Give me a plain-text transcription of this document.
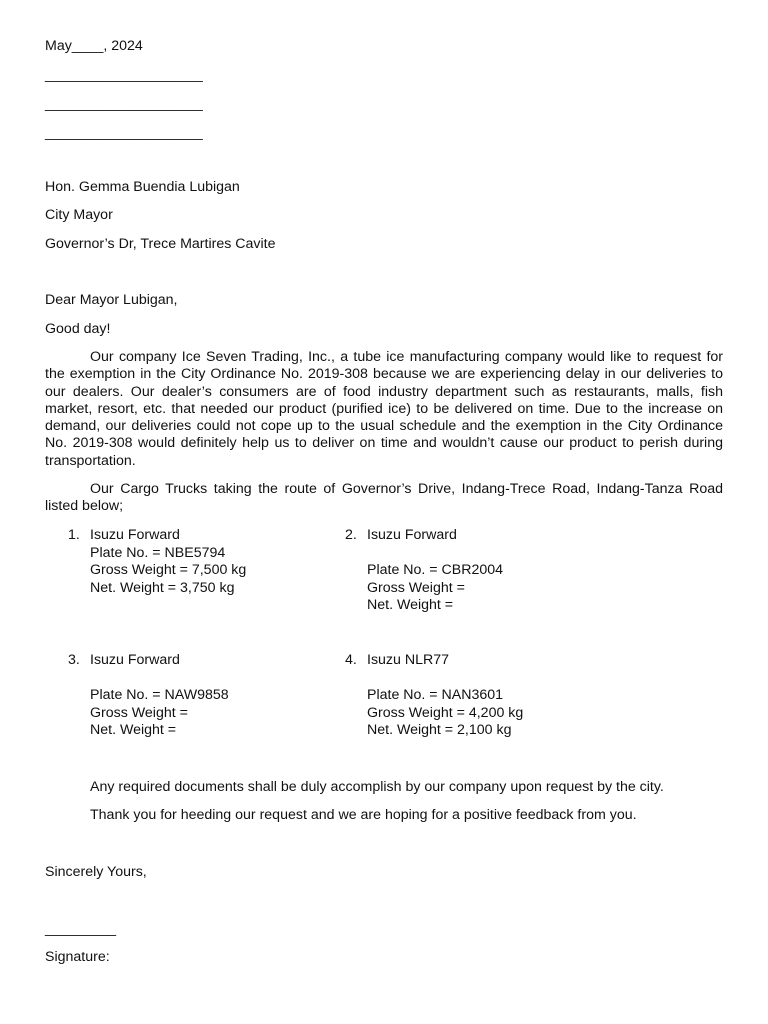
May____, 2024
____________________
____________________
____________________
Hon. Gemma Buendia Lubigan
City Mayor
Governor’s Dr, Trece Martires Cavite
Dear Mayor Lubigan,
Good day!

Our company Ice Seven Trading, Inc., a tube ice manufacturing company would like to request for the exemption in the City Ordinance No. 2019-308 because we are experiencing delay in our deliveries to our dealers. Our dealer’s consumers are of food industry department such as restaurants, malls, fish market, resort, etc. that needed our product (purified ice) to be delivered on time. Due to the increase on demand, our deliveries could not cope up to the usual schedule and the exemption in the City Ordinance No. 2019-308 would definitely help us to deliver on time and wouldn’t cause our product to perish during transportation.

Our Cargo Trucks taking the route of Governor’s Drive, Indang-Trece Road, Indang-Tanza Road listed below;

1. Isuzu Forward
Plate No. = NBE5794
Gross Weight = 7,500 kg
Net. Weight = 3,750 kg
2. Isuzu Forward
Plate No. = CBR2004
Gross Weight =
Net. Weight =
3. Isuzu Forward
Plate No. = NAW9858
Gross Weight =
Net. Weight =
4. Isuzu NLR77
Plate No. = NAN3601
Gross Weight = 4,200 kg
Net. Weight = 2,100 kg
Any required documents shall be duly accomplish by our company upon request by the city.
Thank you for heeding our request and we are hoping for a positive feedback from you.
Sincerely Yours,
_________
Signature:
